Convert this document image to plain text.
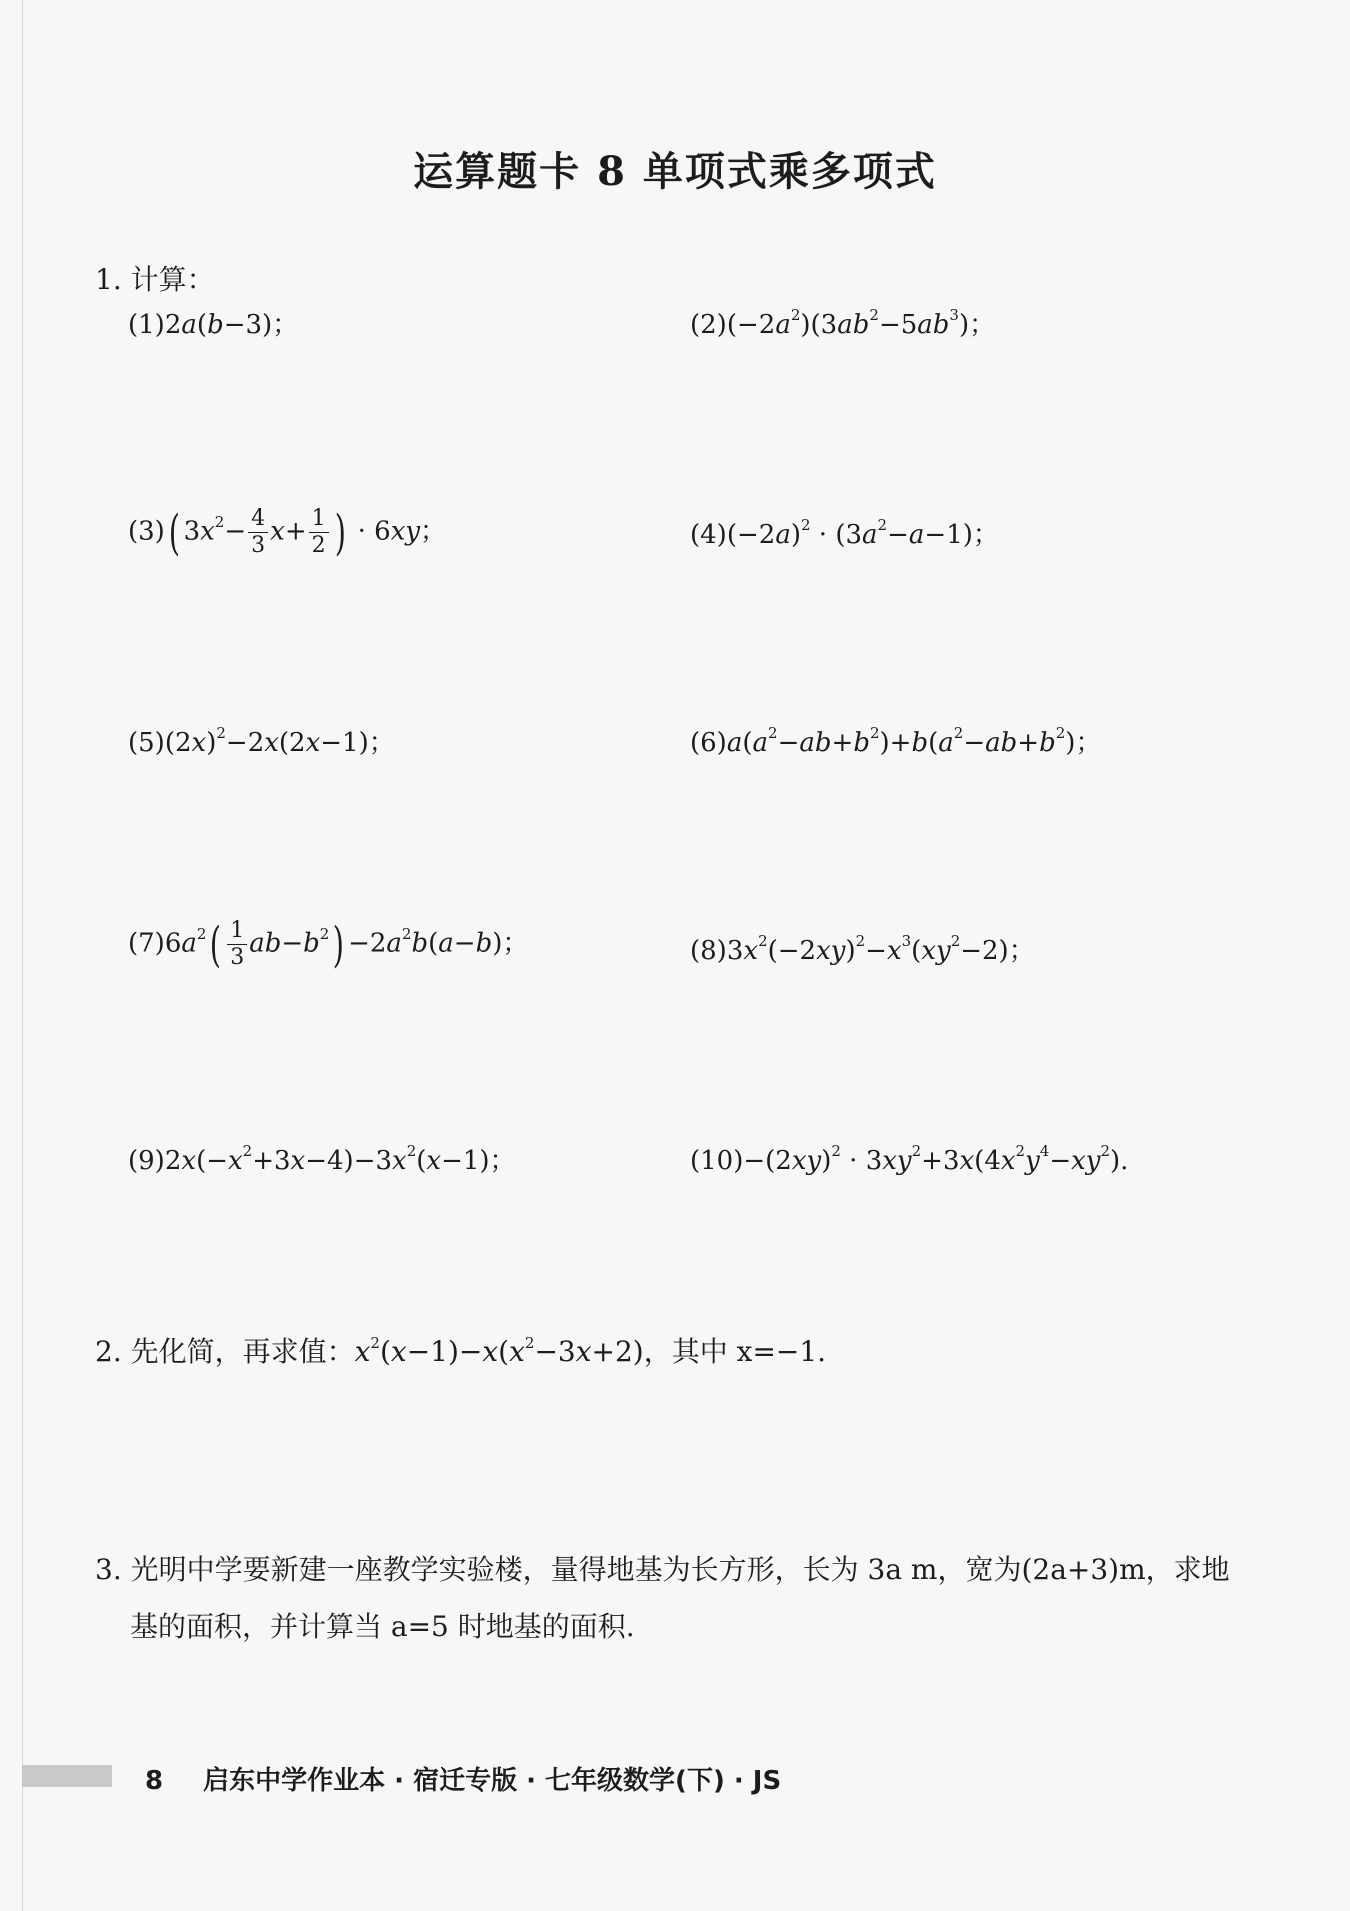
运算题卡 8 单项式乘多项式
1. 计算：
(1)2a(b−3)；	$(2)(-2a^2)(3ab^2-5ab^3)$；
(3)( $3x^2- \frac{4}{3} x+ \frac{1}{2}$ ) · 6xy；	$(4)(-2a)^2 \cdot (3a^2-a-1)$；
$(5)(2x)^2-2x(2x-1)$；	$(6)a(a^2-ab+b^2)+b(a^2-ab+b^2)$；
$(7)6a^2( \frac{1}{3} ab-b^2) -2a^2b(a-b)$；	$(8)3x^2(-2xy)^2-x^3(xy^2-2)$；
$(9)2x(-x^2+3x-4)-3x^2(x-1)$；	$(10)-(2xy)^2 \cdot 3xy^2+3x(4x^2y^4-xy^2)$.
2. 先化简，再求值：$x^2(x-1)-x(x^2-3x+2)$，其中 x=−1.
3. 光明中学要新建一座教学实验楼，量得地基为长方形，长为 3a m，宽为(2a+3)m，求地
基的面积，并计算当 a=5 时地基的面积.
8 启东中学作业本 · 宿迁专版 · 七年级数学(下) · JS
